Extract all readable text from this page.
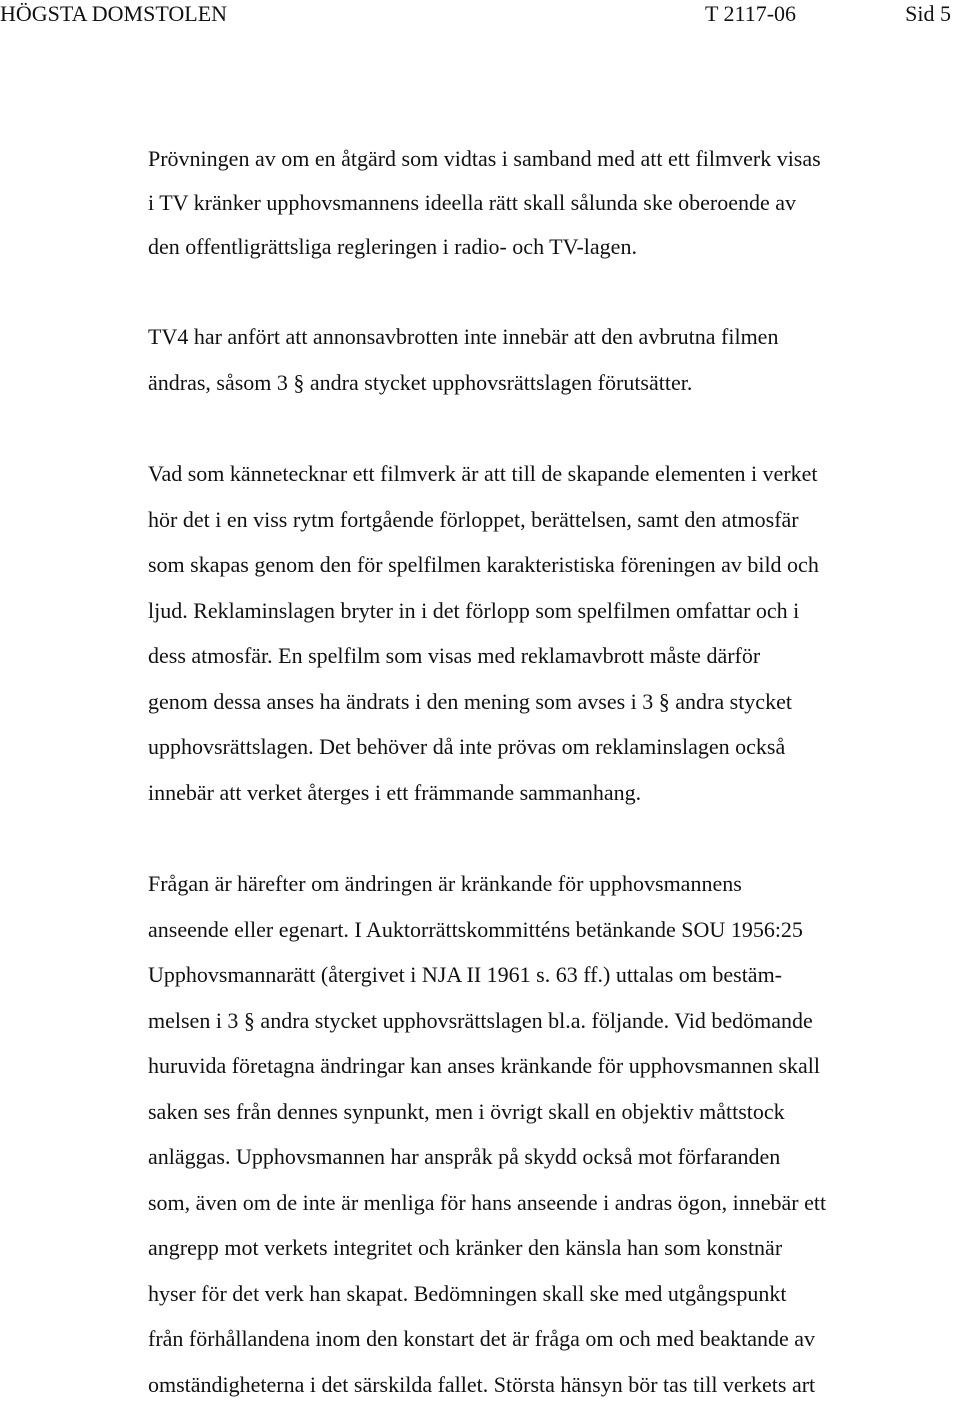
HÖGSTA DOMSTOLEN	T 2117-06	Sid 5
Prövningen av om en åtgärd som vidtas i samband med att ett filmverk visas
i TV kränker upphovsmannens ideella rätt skall sålunda ske oberoende av
den offentligrättsliga regleringen i radio- och TV-lagen.
TV4 har anfört att annonsavbrotten inte innebär att den avbrutna filmen
ändras, såsom 3 § andra stycket upphovsrättslagen förutsätter.
Vad som kännetecknar ett filmverk är att till de skapande elementen i verket
hör det i en viss rytm fortgående förloppet, berättelsen, samt den atmosfär
som skapas genom den för spelfilmen karakteristiska föreningen av bild och
ljud. Reklaminslagen bryter in i det förlopp som spelfilmen omfattar och i
dess atmosfär. En spelfilm som visas med reklamavbrott måste därför
genom dessa anses ha ändrats i den mening som avses i 3 § andra stycket
upphovsrättslagen. Det behöver då inte prövas om reklaminslagen också
innebär att verket återges i ett främmande sammanhang.
Frågan är härefter om ändringen är kränkande för upphovsmannens
anseende eller egenart. I Auktorrättskommitténs betänkande SOU 1956:25
Upphovsmannarätt (återgivet i NJA II 1961 s. 63 ff.) uttalas om bestäm-
melsen i 3 § andra stycket upphovsrättslagen bl.a. följande. Vid bedömande
huruvida företagna ändringar kan anses kränkande för upphovsmannen skall
saken ses från dennes synpunkt, men i övrigt skall en objektiv måttstock
anläggas. Upphovsmannen har anspråk på skydd också mot förfaranden
som, även om de inte är menliga för hans anseende i andras ögon, innebär ett
angrepp mot verkets integritet och kränker den känsla han som konstnär
hyser för det verk han skapat. Bedömningen skall ske med utgångspunkt
från förhållandena inom den konstart det är fråga om och med beaktande av
omständigheterna i det särskilda fallet. Största hänsyn bör tas till verkets art
